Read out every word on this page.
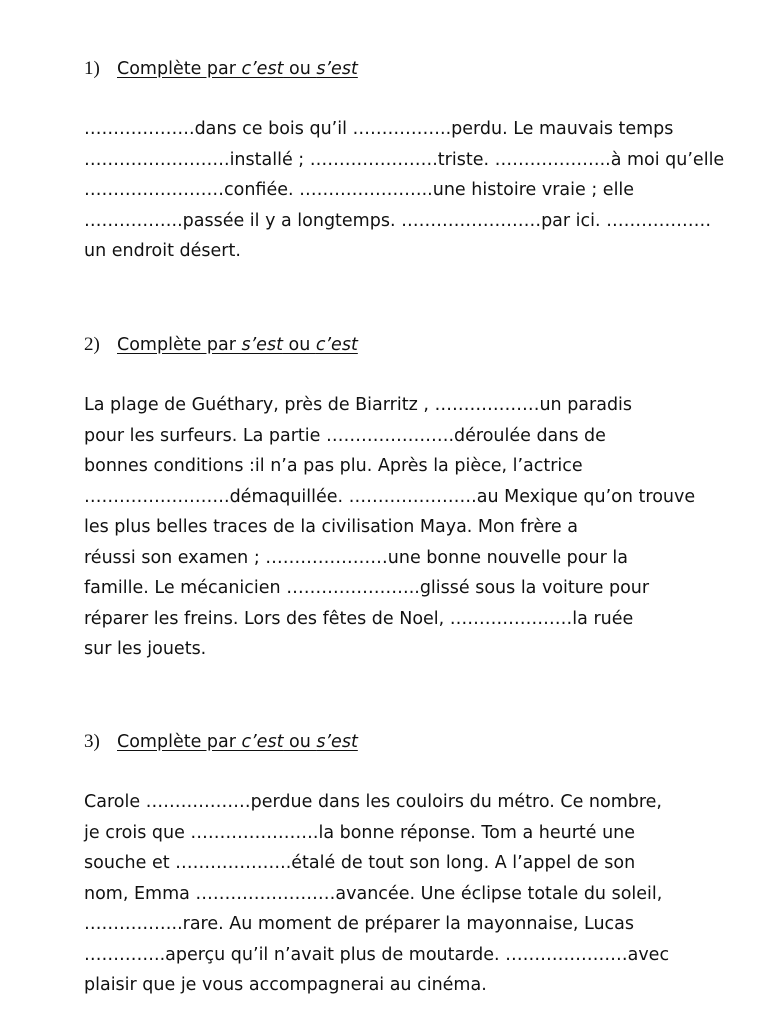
1) Complète par c’est ou s’est
……………….dans ce bois qu’il ……………..perdu. Le mauvais temps
…………………….installé ; ………………….triste. ………………..à moi qu’elle
……………………confiée. …………………..une histoire vraie ; elle
……………..passée il y a longtemps. ……………………par ici. ………………
un endroit désert.
2) Complète par s’est ou c’est
La plage de Guéthary, près de Biarritz , ………………un paradis
pour les surfeurs. La partie ………………….déroulée dans de
bonnes conditions :il n’a pas plu. Après la pièce, l’actrice
…………………….démaquillée. ………………….au Mexique qu’on trouve
les plus belles traces de la civilisation Maya. Mon frère a
réussi son examen ; …………………une bonne nouvelle pour la
famille. Le mécanicien …………………..glissé sous la voiture pour
réparer les freins. Lors des fêtes de Noel, …………………la ruée
sur les jouets.
3) Complète par c’est ou s’est
Carole ………………perdue dans les couloirs du métro. Ce nombre,
je crois que ………………….la bonne réponse. Tom a heurté une
souche et ………………..étalé de tout son long. A l’appel de son
nom, Emma ……………………avancée. Une éclipse totale du soleil,
……………..rare. Au moment de préparer la mayonnaise, Lucas
…………..aperçu qu’il n’avait plus de moutarde. …………………avec
plaisir que je vous accompagnerai au cinéma.
